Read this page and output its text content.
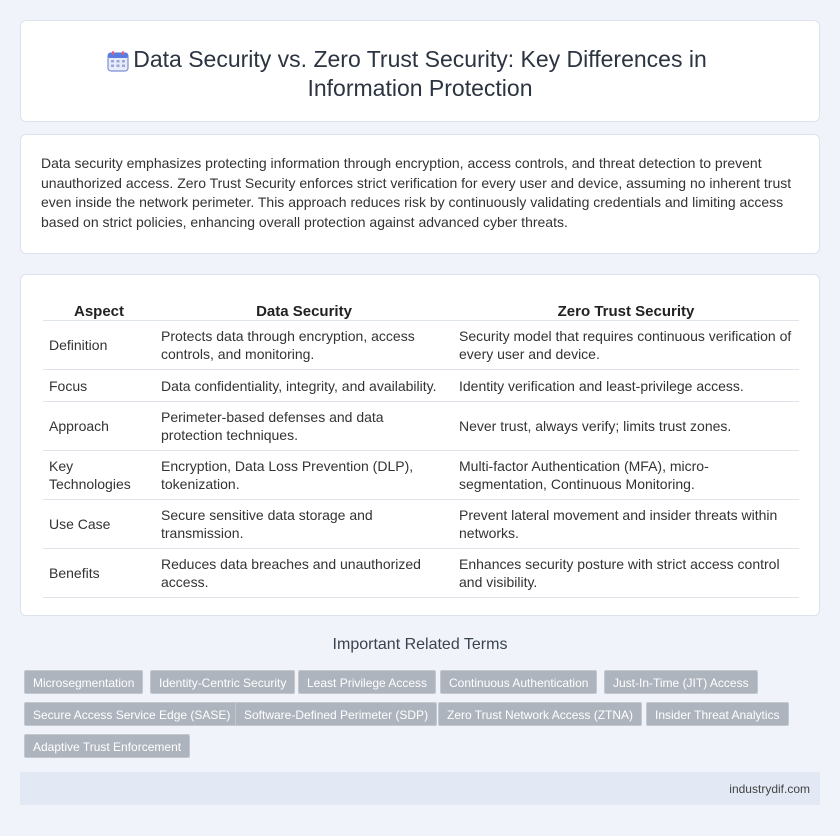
Data Security vs. Zero Trust Security: Key Differences in Information Protection

Data security emphasizes protecting information through encryption, access controls, and threat detection to prevent unauthorized access. Zero Trust Security enforces strict verification for every user and device, assuming no inherent trust even inside the network perimeter. This approach reduces risk by continuously validating credentials and limiting access based on strict policies, enhancing overall protection against advanced cyber threats.

Aspect	Data Security	Zero Trust Security
Definition	Protects data through encryption, access controls, and monitoring.	Security model that requires continuous verification of every user and device.
Focus	Data confidentiality, integrity, and availability.	Identity verification and least-privilege access.
Approach	Perimeter-based defenses and data protection techniques.	Never trust, always verify; limits trust zones.
Key Technologies	Encryption, Data Loss Prevention (DLP), tokenization.	Multi-factor Authentication (MFA), micro-segmentation, Continuous Monitoring.
Use Case	Secure sensitive data storage and transmission.	Prevent lateral movement and insider threats within networks.
Benefits	Reduces data breaches and unauthorized access.	Enhances security posture with strict access control and visibility.
Important Related Terms
Microsegmentation	Identity-Centric Security	Least Privilege Access	Continuous Authentication	Just-In-Time (JIT) Access
Secure Access Service Edge (SASE)	Software-Defined Perimeter (SDP)	Zero Trust Network Access (ZTNA)	Insider Threat Analytics
Adaptive Trust Enforcement
industrydif.com
